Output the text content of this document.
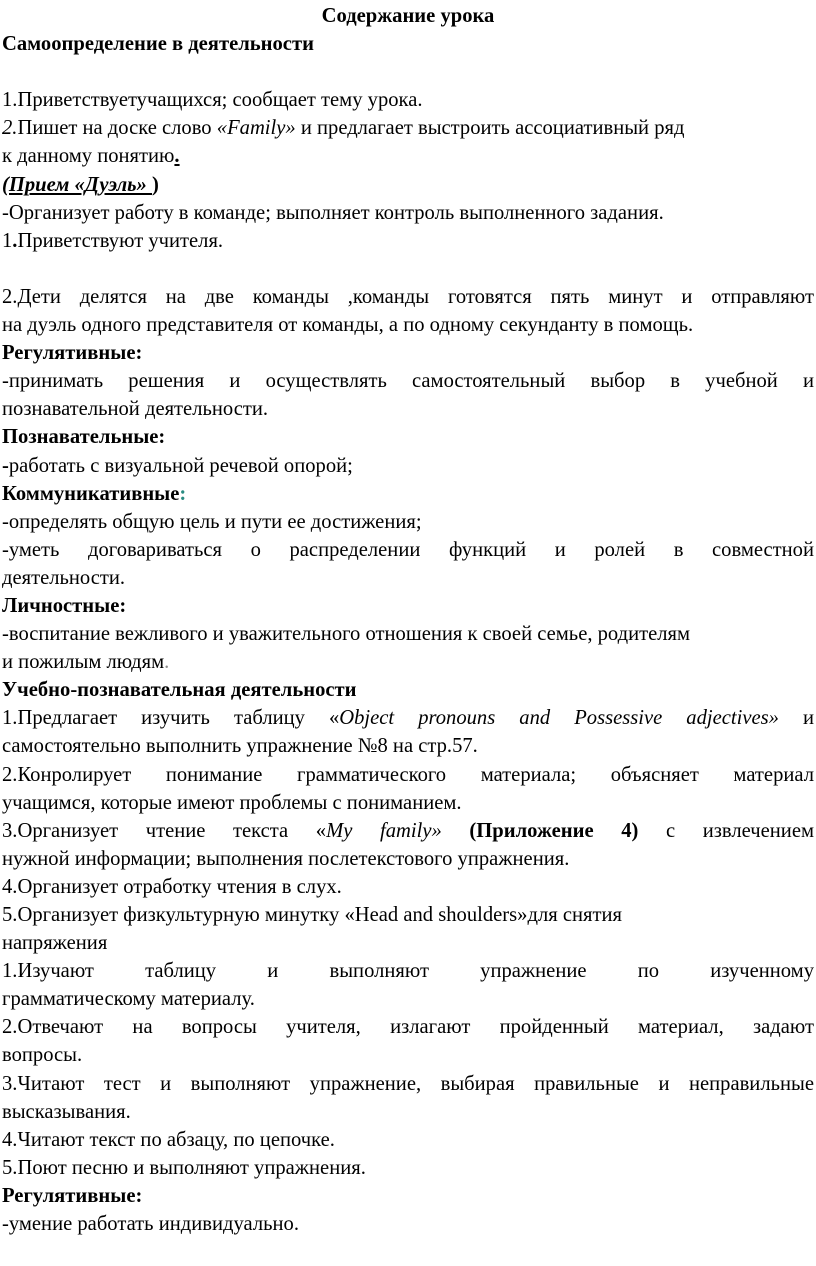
Содержание урока

Самоопределение в деятельности

1.Приветствуетучащихся; сообщает тему урока.

2.Пишет на доске слово «Family» и предлагает выстроить ассоциативный ряд

к данному понятию.

(Прием «Дуэль» )

-Организует работу в команде; выполняет контроль выполненного задания.

1.Приветствуют учителя.

2.Дети делятся на две команды ,команды готовятся пять минут и отправляют

на дуэль одного представителя от команды, а по одному секунданту в помощь.

Регулятивные:

-принимать решения и осуществлять самостоятельный выбор в учебной и

познавательной деятельности.

Познавательные:

-работать с визуальной речевой опорой;

Коммуникативные:

-определять общую цель и пути ее достижения;

-уметь договариваться о распределении функций и ролей в совместной

деятельности.

Личностные:

-воспитание вежливого и уважительного отношения к своей семье, родителям

и пожилым людям.

Учебно-познавательная деятельности

1.Предлагает изучить таблицу «Object pronouns and Possessive adjectives» и

самостоятельно выполнить упражнение №8 на стр.57.

2.Конролирует понимание грамматического материала; объясняет материал

учащимся, которые имеют проблемы с пониманием.

3.Организует чтение текста «My family» (Приложение 4) с извлечением

нужной информации; выполнения послетекстового упражнения.

4.Организует отработку чтения в слух.

5.Организует физкультурную минутку «Head and shoulders»для снятия

напряжения

1.Изучают таблицу и выполняют упражнение по изученному

грамматическому материалу.

2.Отвечают на вопросы учителя, излагают пройденный материал, задают

вопросы.

3.Читают тест и выполняют упражнение, выбирая правильные и неправильные

высказывания.

4.Читают текст по абзацу, по цепочке.

5.Поют песню и выполняют упражнения.

Регулятивные:

-умение работать индивидуально.
